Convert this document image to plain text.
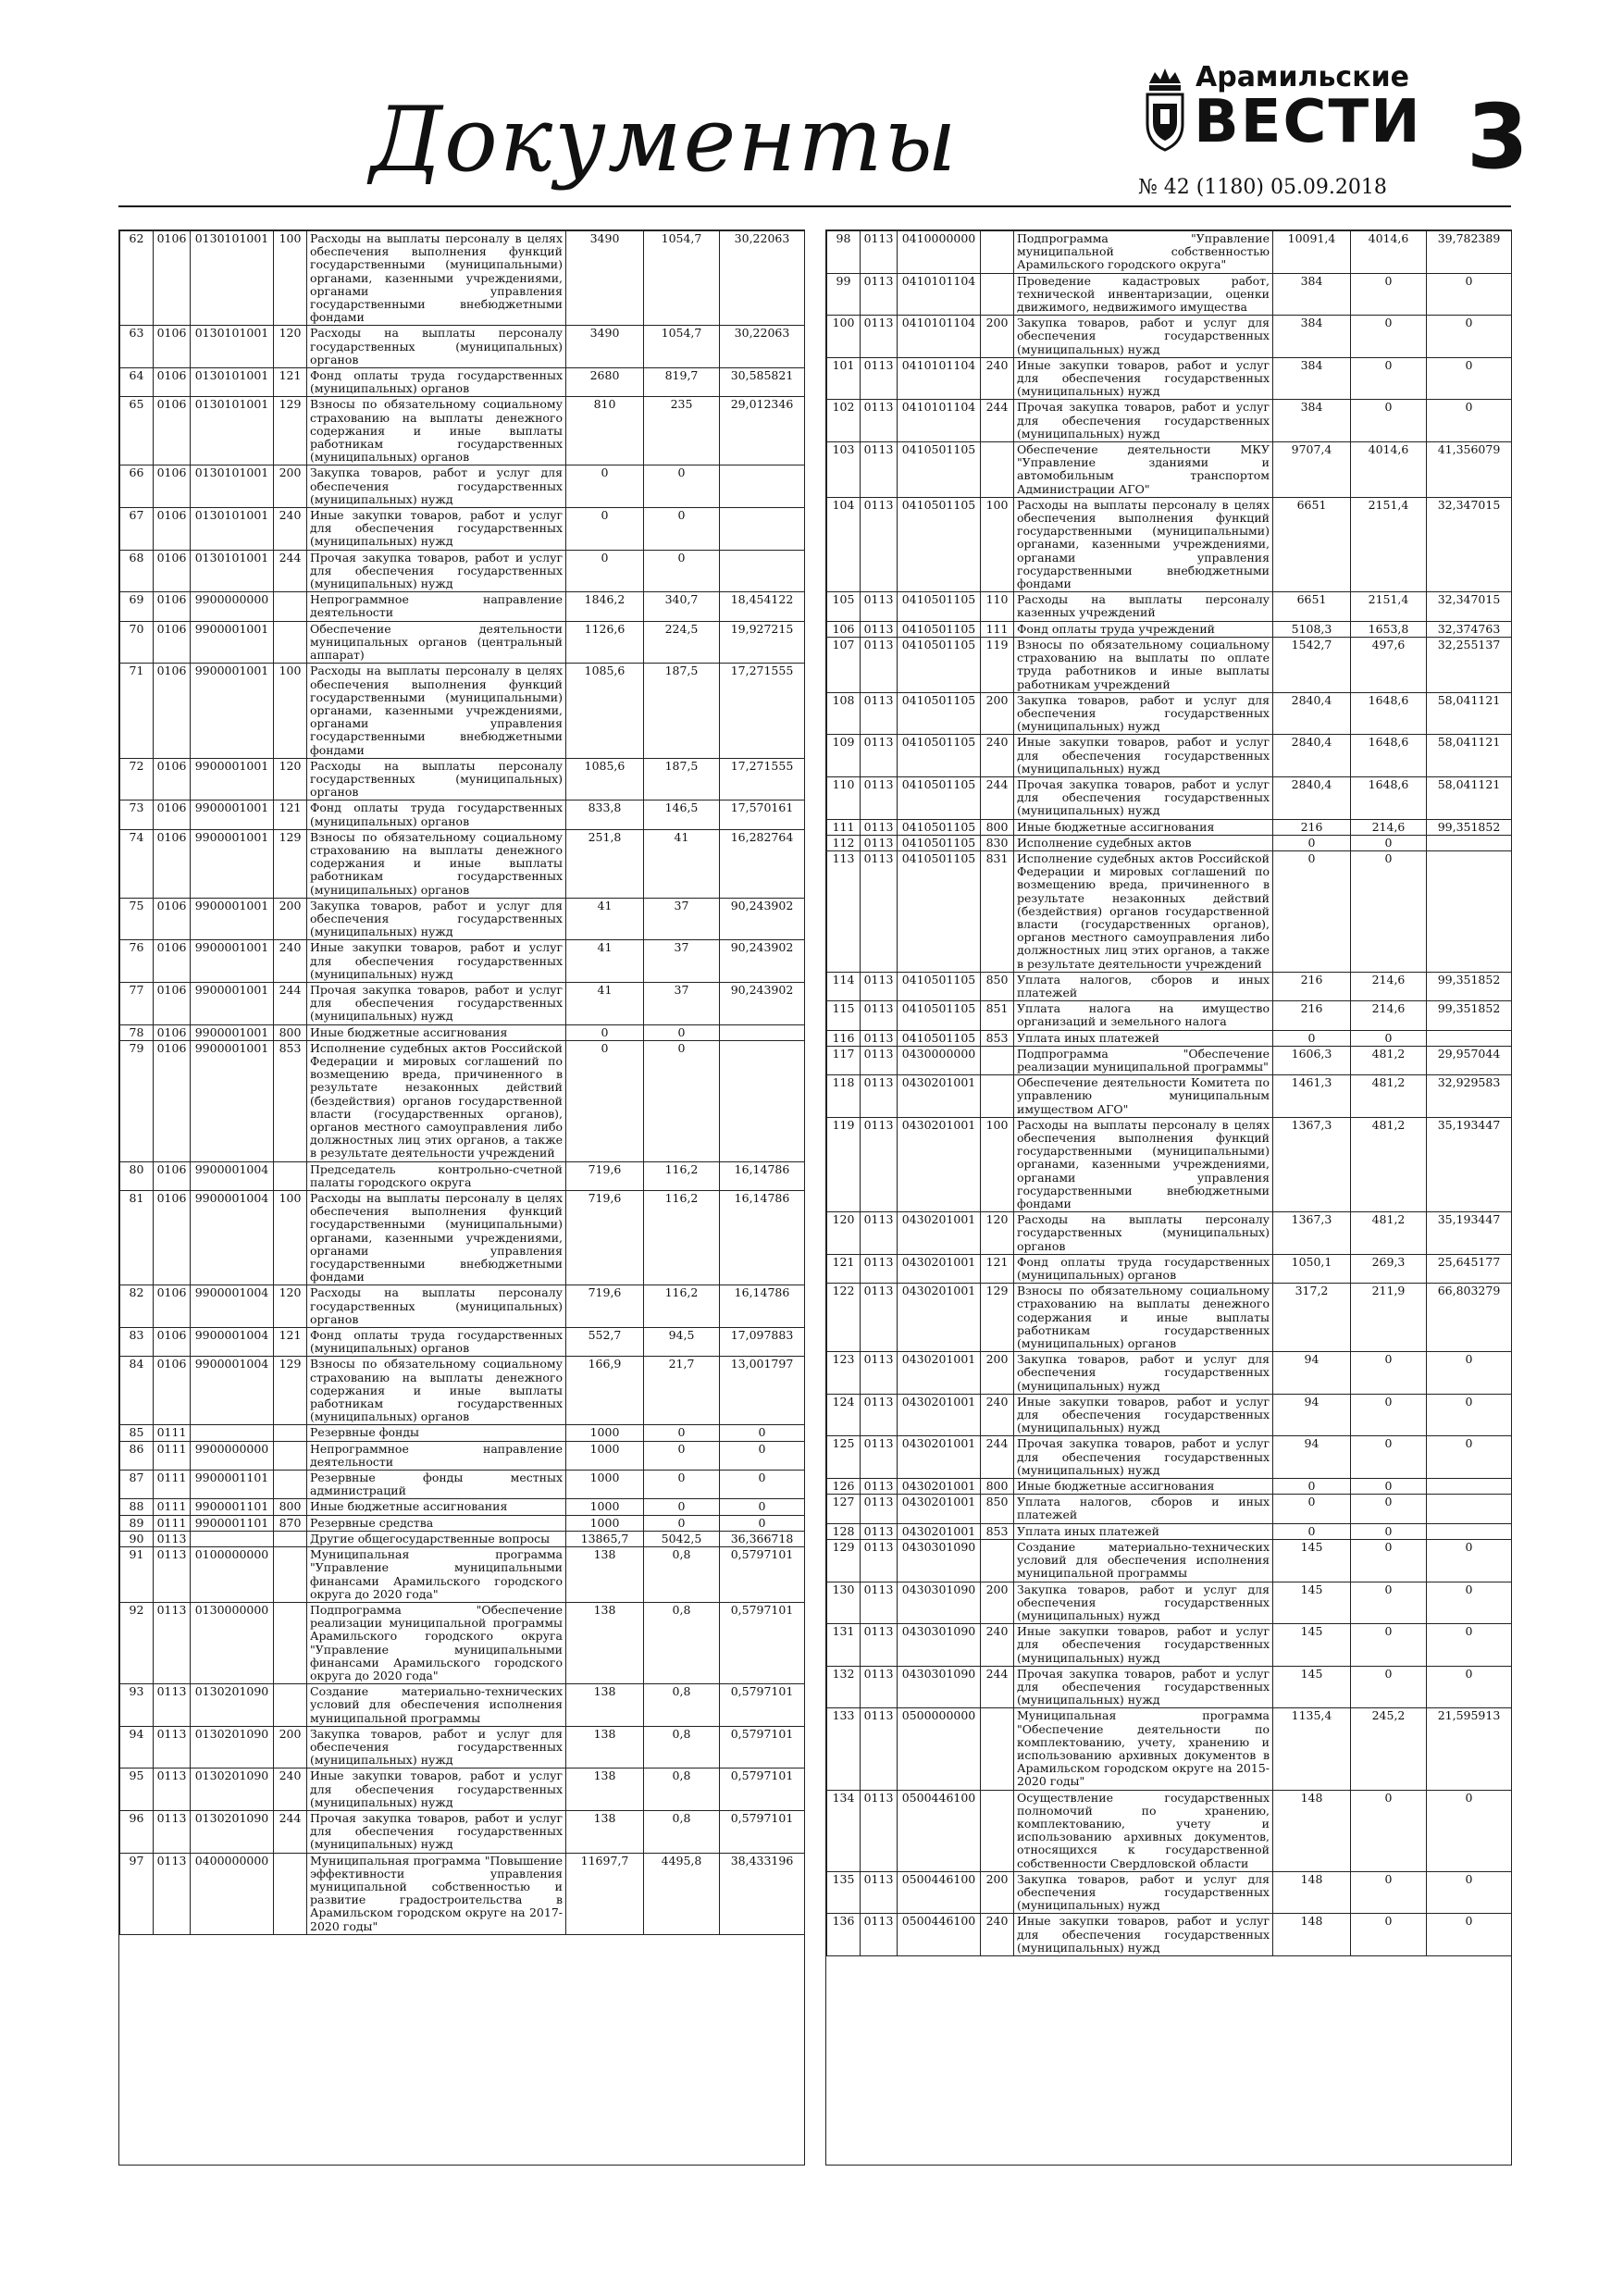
Документы
Арамильские
ВЕСТИ
№ 42 (1180) 05.09.2018 3
62	0106	0130101001	100	Расходы на выплаты персоналу в целях обеспечения выполнения функций государственными (муниципальными) органами, казенными учреждениями, органами управления государственными внебюджетными фондами	3490	1054,7	30,22063
63	0106	0130101001	120	Расходы на выплаты персоналу государственных (муниципальных) органов	3490	1054,7	30,22063
64	0106	0130101001	121	Фонд оплаты труда государственных (муниципальных) органов	2680	819,7	30,585821
65	0106	0130101001	129	Взносы по обязательному социальному страхованию на выплаты денежного содержания и иные выплаты работникам государственных (муниципальных) органов	810	235	29,012346
66	0106	0130101001	200	Закупка товаров, работ и услуг для обеспечения государственных (муниципальных) нужд	0	0	
67	0106	0130101001	240	Иные закупки товаров, работ и услуг для обеспечения государственных (муниципальных) нужд	0	0	
68	0106	0130101001	244	Прочая закупка товаров, работ и услуг для обеспечения государственных (муниципальных) нужд	0	0	
69	0106	9900000000		Непрограммное направление деятельности	1846,2	340,7	18,454122
70	0106	9900001001		Обеспечение деятельности муниципальных органов (центральный аппарат)	1126,6	224,5	19,927215
71	0106	9900001001	100	Расходы на выплаты персоналу в целях обеспечения выполнения функций государственными (муниципальными) органами, казенными учреждениями, органами управления государственными внебюджетными фондами	1085,6	187,5	17,271555
72	0106	9900001001	120	Расходы на выплаты персоналу государственных (муниципальных) органов	1085,6	187,5	17,271555
73	0106	9900001001	121	Фонд оплаты труда государственных (муниципальных) органов	833,8	146,5	17,570161
74	0106	9900001001	129	Взносы по обязательному социальному страхованию на выплаты денежного содержания и иные выплаты работникам государственных (муниципальных) органов	251,8	41	16,282764
75	0106	9900001001	200	Закупка товаров, работ и услуг для обеспечения государственных (муниципальных) нужд	41	37	90,243902
76	0106	9900001001	240	Иные закупки товаров, работ и услуг для обеспечения государственных (муниципальных) нужд	41	37	90,243902
77	0106	9900001001	244	Прочая закупка товаров, работ и услуг для обеспечения государственных (муниципальных) нужд	41	37	90,243902
78	0106	9900001001	800	Иные бюджетные ассигнования	0	0	
79	0106	9900001001	853	Исполнение судебных актов Российской Федерации и мировых соглашений по возмещению вреда, причиненного в результате незаконных действий (бездействия) органов государственной власти (государственных органов), органов местного самоуправления либо должностных лиц этих органов, а также в результате деятельности учреждений	0	0	
80	0106	9900001004		Председатель контрольно-счетной палаты городского округа	719,6	116,2	16,14786
81	0106	9900001004	100	Расходы на выплаты персоналу в целях обеспечения выполнения функций государственными (муниципальными) органами, казенными учреждениями, органами управления государственными внебюджетными фондами	719,6	116,2	16,14786
82	0106	9900001004	120	Расходы на выплаты персоналу государственных (муниципальных) органов	719,6	116,2	16,14786
83	0106	9900001004	121	Фонд оплаты труда государственных (муниципальных) органов	552,7	94,5	17,097883
84	0106	9900001004	129	Взносы по обязательному социальному страхованию на выплаты денежного содержания и иные выплаты работникам государственных (муниципальных) органов	166,9	21,7	13,001797
85	0111			Резервные фонды	1000	0	0
86	0111	9900000000		Непрограммное направление деятельности	1000	0	0
87	0111	9900001101		Резервные фонды местных администраций	1000	0	0
88	0111	9900001101	800	Иные бюджетные ассигнования	1000	0	0
89	0111	9900001101	870	Резервные средства	1000	0	0
90	0113			Другие общегосударственные вопросы	13865,7	5042,5	36,366718
91	0113	0100000000		Муниципальная программа "Управление муниципальными финансами Арамильского городского округа до 2020 года"	138	0,8	0,5797101
92	0113	0130000000		Подпрограмма "Обеспечение реализации муниципальной программы Арамильского городского округа "Управление муниципальными финансами Арамильского городского округа до 2020 года"	138	0,8	0,5797101
93	0113	0130201090		Создание материально-технических условий для обеспечения исполнения муниципальной программы	138	0,8	0,5797101
94	0113	0130201090	200	Закупка товаров, работ и услуг для обеспечения государственных (муниципальных) нужд	138	0,8	0,5797101
95	0113	0130201090	240	Иные закупки товаров, работ и услуг для обеспечения государственных (муниципальных) нужд	138	0,8	0,5797101
96	0113	0130201090	244	Прочая закупка товаров, работ и услуг для обеспечения государственных (муниципальных) нужд	138	0,8	0,5797101
97	0113	0400000000		Муниципальная программа "Повышение эффективности управления муниципальной собственностью и развитие градостроительства в Арамильском городском округе на 2017-2020 годы"	11697,7	4495,8	38,433196
98	0113	0410000000		Подпрограмма "Управление муниципальной собственностью Арамильского городского округа"	10091,4	4014,6	39,782389
99	0113	0410101104		Проведение кадастровых работ, технической инвентаризации, оценки движимого, недвижимого имущества	384	0	0
100	0113	0410101104	200	Закупка товаров, работ и услуг для обеспечения государственных (муниципальных) нужд	384	0	0
101	0113	0410101104	240	Иные закупки товаров, работ и услуг для обеспечения государственных (муниципальных) нужд	384	0	0
102	0113	0410101104	244	Прочая закупка товаров, работ и услуг для обеспечения государственных (муниципальных) нужд	384	0	0
103	0113	0410501105		Обеспечение деятельности МКУ "Управление зданиями и автомобильным транспортом Администрации АГО"	9707,4	4014,6	41,356079
104	0113	0410501105	100	Расходы на выплаты персоналу в целях обеспечения выполнения функций государственными (муниципальными) органами, казенными учреждениями, органами управления государственными внебюджетными фондами	6651	2151,4	32,347015
105	0113	0410501105	110	Расходы на выплаты персоналу казенных учреждений	6651	2151,4	32,347015
106	0113	0410501105	111	Фонд оплаты труда учреждений	5108,3	1653,8	32,374763
107	0113	0410501105	119	Взносы по обязательному социальному страхованию на выплаты по оплате труда работников и иные выплаты работникам учреждений	1542,7	497,6	32,255137
108	0113	0410501105	200	Закупка товаров, работ и услуг для обеспечения государственных (муниципальных) нужд	2840,4	1648,6	58,041121
109	0113	0410501105	240	Иные закупки товаров, работ и услуг для обеспечения государственных (муниципальных) нужд	2840,4	1648,6	58,041121
110	0113	0410501105	244	Прочая закупка товаров, работ и услуг для обеспечения государственных (муниципальных) нужд	2840,4	1648,6	58,041121
111	0113	0410501105	800	Иные бюджетные ассигнования	216	214,6	99,351852
112	0113	0410501105	830	Исполнение судебных актов	0	0	
113	0113	0410501105	831	Исполнение судебных актов Российской Федерации и мировых соглашений по возмещению вреда, причиненного в результате незаконных действий (бездействия) органов государственной власти (государственных органов), органов местного самоуправления либо должностных лиц этих органов, а также в результате деятельности учреждений	0	0	
114	0113	0410501105	850	Уплата налогов, сборов и иных платежей	216	214,6	99,351852
115	0113	0410501105	851	Уплата налога на имущество организаций и земельного налога	216	214,6	99,351852
116	0113	0410501105	853	Уплата иных платежей	0	0	
117	0113	0430000000		Подпрограмма "Обеспечение реализации муниципальной программы"	1606,3	481,2	29,957044
118	0113	0430201001		Обеспечение деятельности Комитета по управлению муниципальным имуществом АГО"	1461,3	481,2	32,929583
119	0113	0430201001	100	Расходы на выплаты персоналу в целях обеспечения выполнения функций государственными (муниципальными) органами, казенными учреждениями, органами управления государственными внебюджетными фондами	1367,3	481,2	35,193447
120	0113	0430201001	120	Расходы на выплаты персоналу государственных (муниципальных) органов	1367,3	481,2	35,193447
121	0113	0430201001	121	Фонд оплаты труда государственных (муниципальных) органов	1050,1	269,3	25,645177
122	0113	0430201001	129	Взносы по обязательному социальному страхованию на выплаты денежного содержания и иные выплаты работникам государственных (муниципальных) органов	317,2	211,9	66,803279
123	0113	0430201001	200	Закупка товаров, работ и услуг для обеспечения государственных (муниципальных) нужд	94	0	0
124	0113	0430201001	240	Иные закупки товаров, работ и услуг для обеспечения государственных (муниципальных) нужд	94	0	0
125	0113	0430201001	244	Прочая закупка товаров, работ и услуг для обеспечения государственных (муниципальных) нужд	94	0	0
126	0113	0430201001	800	Иные бюджетные ассигнования	0	0	
127	0113	0430201001	850	Уплата налогов, сборов и иных платежей	0	0	
128	0113	0430201001	853	Уплата иных платежей	0	0	
129	0113	0430301090		Создание материально-технических условий для обеспечения исполнения муниципальной программы	145	0	0
130	0113	0430301090	200	Закупка товаров, работ и услуг для обеспечения государственных (муниципальных) нужд	145	0	0
131	0113	0430301090	240	Иные закупки товаров, работ и услуг для обеспечения государственных (муниципальных) нужд	145	0	0
132	0113	0430301090	244	Прочая закупка товаров, работ и услуг для обеспечения государственных (муниципальных) нужд	145	0	0
133	0113	0500000000		Муниципальная программа "Обеспечение деятельности по комплектованию, учету, хранению и использованию архивных документов в Арамильском городском округе на 2015-2020 годы"	1135,4	245,2	21,595913
134	0113	0500446100		Осуществление государственных полномочий по хранению, комплектованию, учету и использованию архивных документов, относящихся к государственной собственности Свердловской области	148	0	0
135	0113	0500446100	200	Закупка товаров, работ и услуг для обеспечения государственных (муниципальных) нужд	148	0	0
136	0113	0500446100	240	Иные закупки товаров, работ и услуг для обеспечения государственных (муниципальных) нужд	148	0	0
